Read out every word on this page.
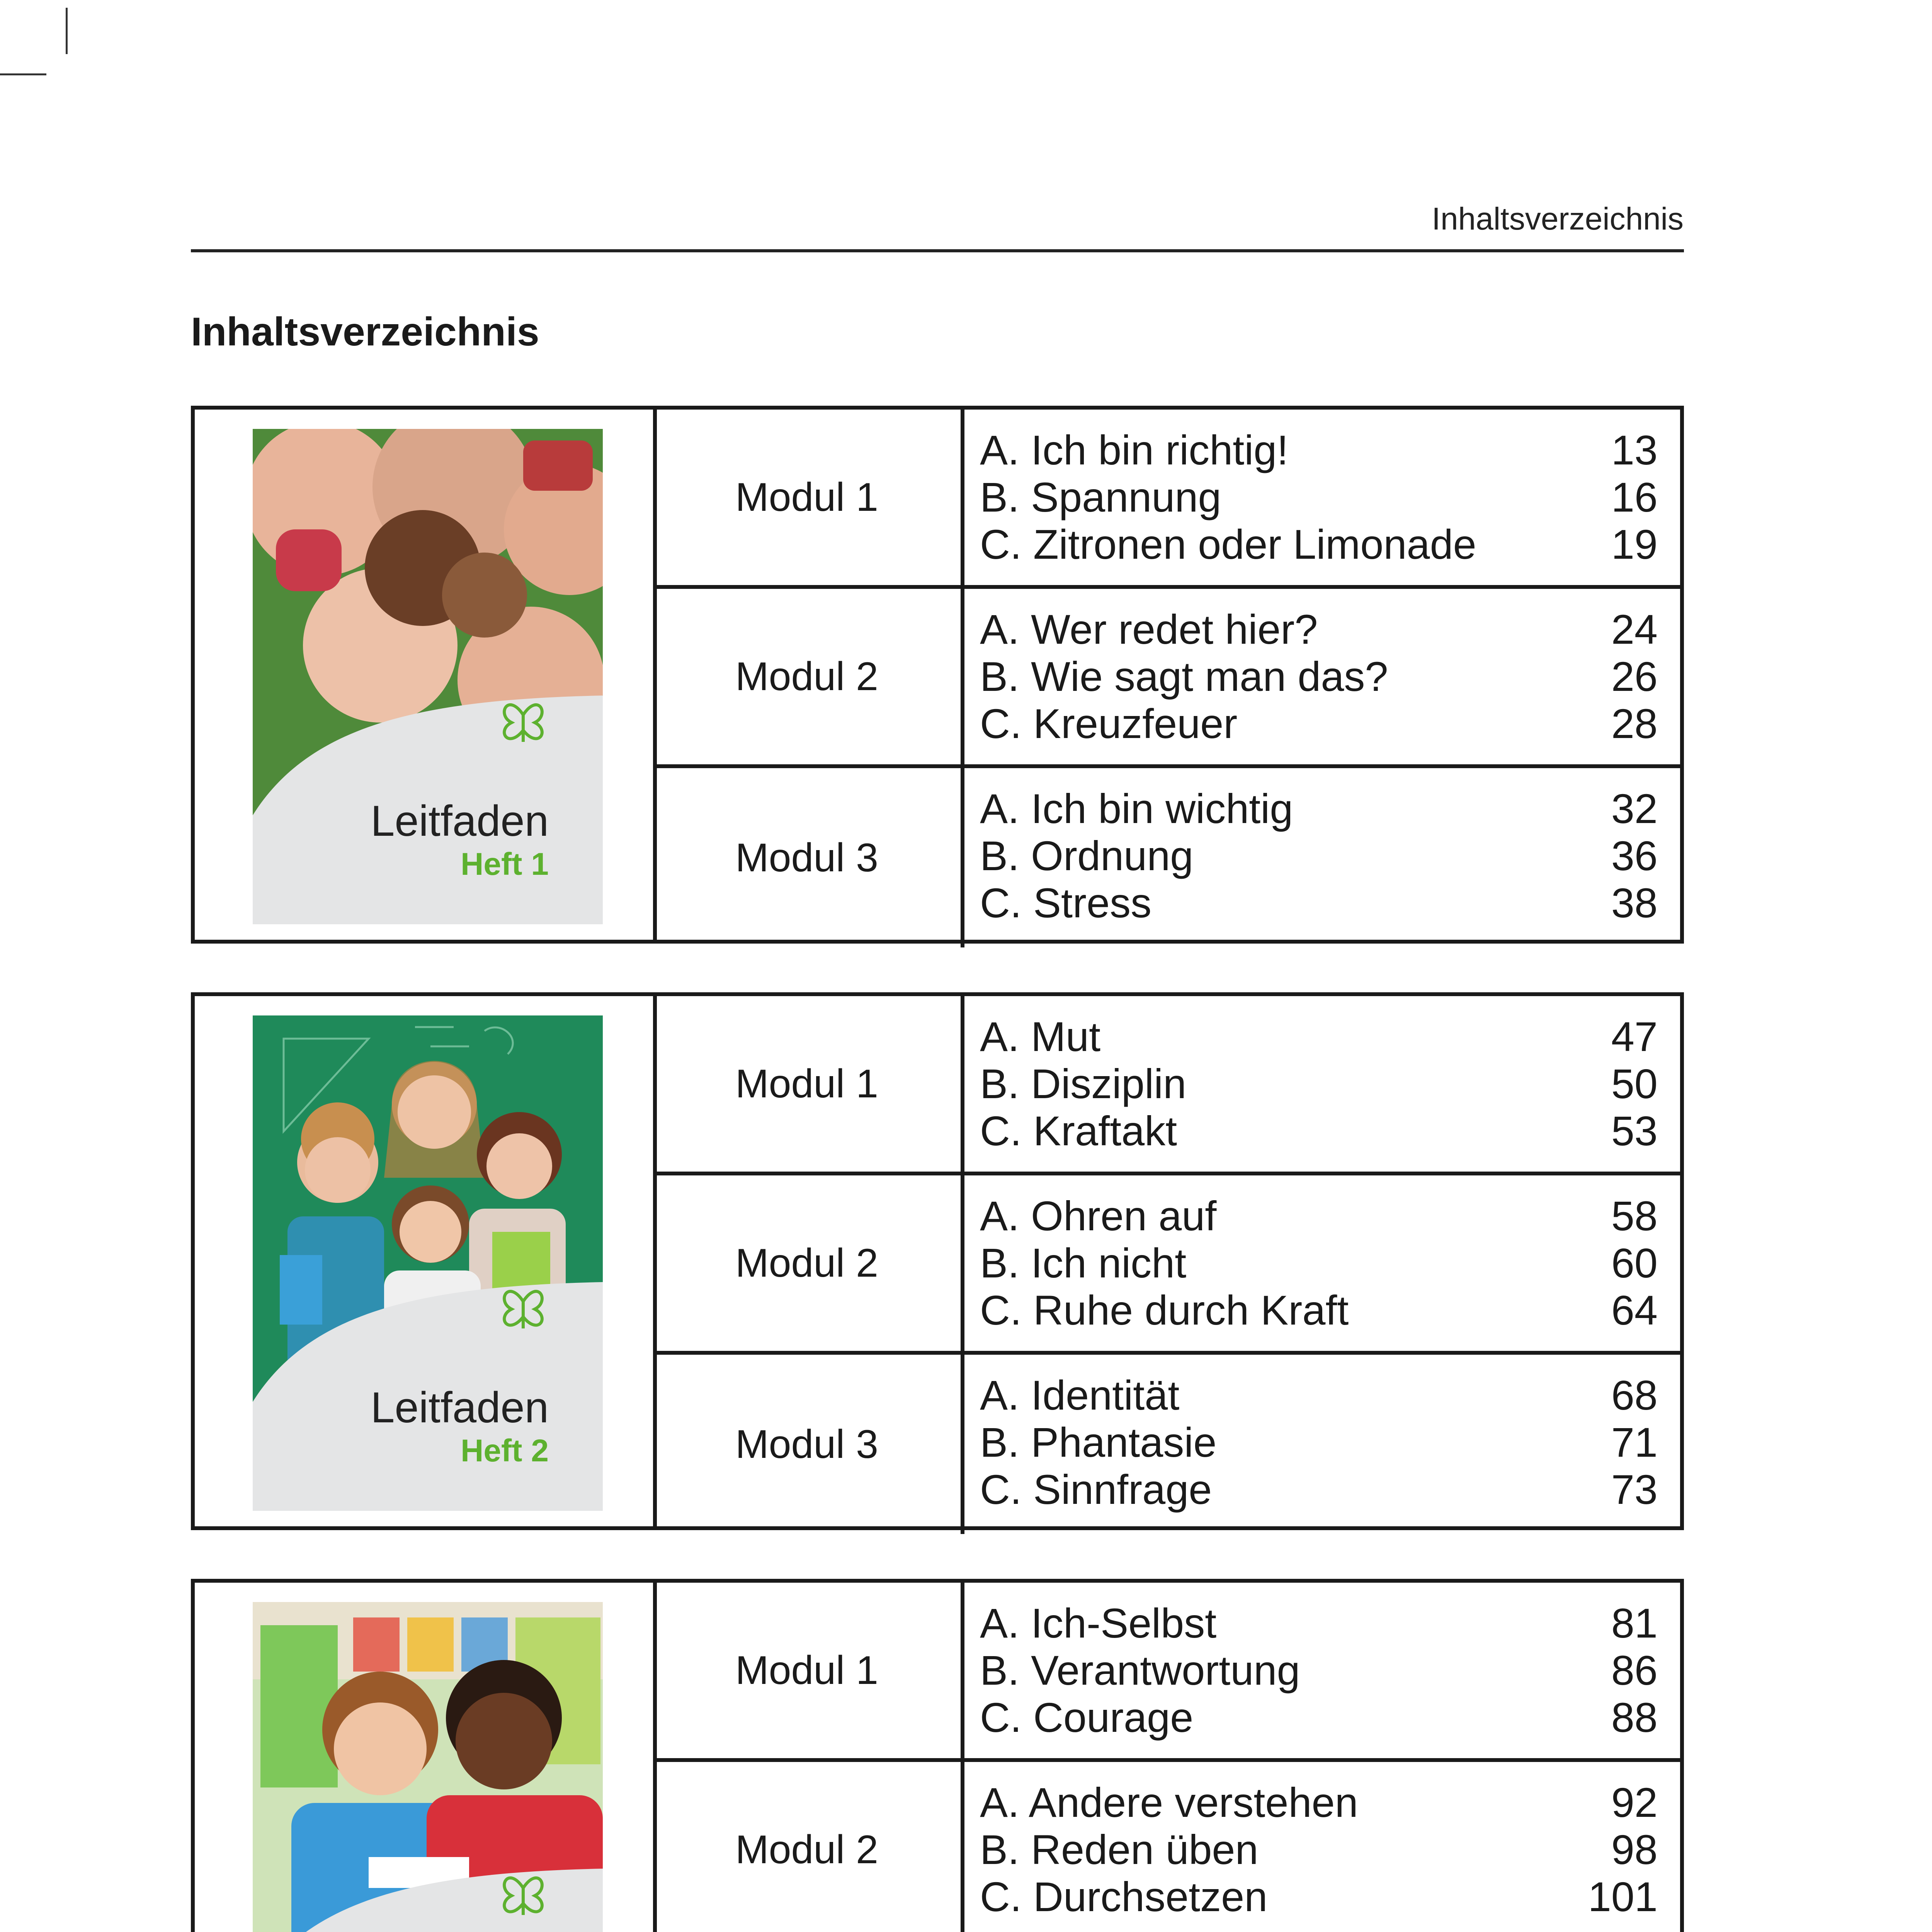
Inhaltsverzeichnis
Inhaltsverzeichnis
Leitfaden
Heft 1
Modul 1
A. Ich bin richtig!	13
B. Spannung	16
C. Zitronen oder Limonade	19
Modul 2
A. Wer redet hier?	24
B. Wie sagt man das?	26
C. Kreuzfeuer	28
Modul 3
A. Ich bin wichtig	32
B. Ordnung	36
C. Stress	38
Leitfaden
Heft 2
Modul 1
A. Mut	47
B. Disziplin	50
C. Kraftakt	53
Modul 2
A. Ohren auf	58
B. Ich nicht	60
C. Ruhe durch Kraft	64
Modul 3
A. Identität	68
B. Phantasie	71
C. Sinnfrage	73
Modul 1
A. Ich-Selbst	81
B. Verantwortung	86
C. Courage	88
Modul 2
A. Andere verstehen	92
B. Reden üben	98
C. Durchsetzen	101
